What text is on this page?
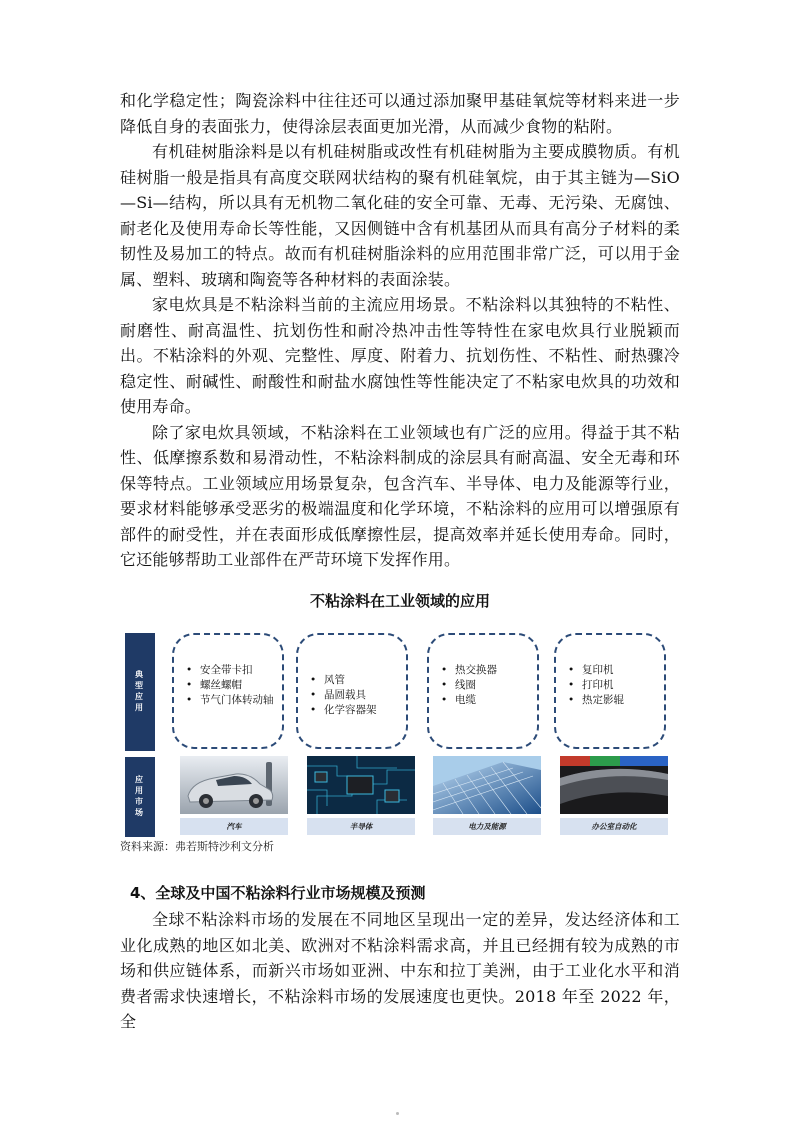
和化学稳定性；陶瓷涂料中往往还可以通过添加聚甲基硅氧烷等材料来进一步降低自身的表面张力，使得涂层表面更加光滑，从而减少食物的粘附。

有机硅树脂涂料是以有机硅树脂或改性有机硅树脂为主要成膜物质。有机硅树脂一般是指具有高度交联网状结构的聚有机硅氧烷，由于其主链为—SiO—Si—结构，所以具有无机物二氧化硅的安全可靠、无毒、无污染、无腐蚀、耐老化及使用寿命长等性能，又因侧链中含有机基团从而具有高分子材料的柔韧性及易加工的特点。故而有机硅树脂涂料的应用范围非常广泛，可以用于金属、塑料、玻璃和陶瓷等各种材料的表面涂装。

家电炊具是不粘涂料当前的主流应用场景。不粘涂料以其独特的不粘性、耐磨性、耐高温性、抗划伤性和耐冷热冲击性等特性在家电炊具行业脱颖而出。不粘涂料的外观、完整性、厚度、附着力、抗划伤性、不粘性、耐热骤冷稳定性、耐碱性、耐酸性和耐盐水腐蚀性等性能决定了不粘家电炊具的功效和使用寿命。

除了家电炊具领域，不粘涂料在工业领域也有广泛的应用。得益于其不粘性、低摩擦系数和易滑动性，不粘涂料制成的涂层具有耐高温、安全无毒和环保等特点。工业领域应用场景复杂，包含汽车、半导体、电力及能源等行业，要求材料能够承受恶劣的极端温度和化学环境，不粘涂料的应用可以增强原有部件的耐受性，并在表面形成低摩擦性层，提高效率并延长使用寿命。同时，它还能够帮助工业部件在严苛环境下发挥作用。

不粘涂料在工业领域的应用
典型应用
应用市场
• 安全带卡扣
• 螺丝螺帽
• 节气门体转动轴
• 风管
• 晶圆载具
• 化学容器架
• 热交换器
• 线圈
• 电缆
• 复印机
• 打印机
• 热定影辊
汽车	半导体	电力及能源	办公室自动化
资料来源：弗若斯特沙利文分析
4、全球及中国不粘涂料行业市场规模及预测

全球不粘涂料市场的发展在不同地区呈现出一定的差异，发达经济体和工业化成熟的地区如北美、欧洲对不粘涂料需求高，并且已经拥有较为成熟的市场和供应链体系，而新兴市场如亚洲、中东和拉丁美洲，由于工业化水平和消费者需求快速增长，不粘涂料市场的发展速度也更快。2018 年至 2022 年，全
